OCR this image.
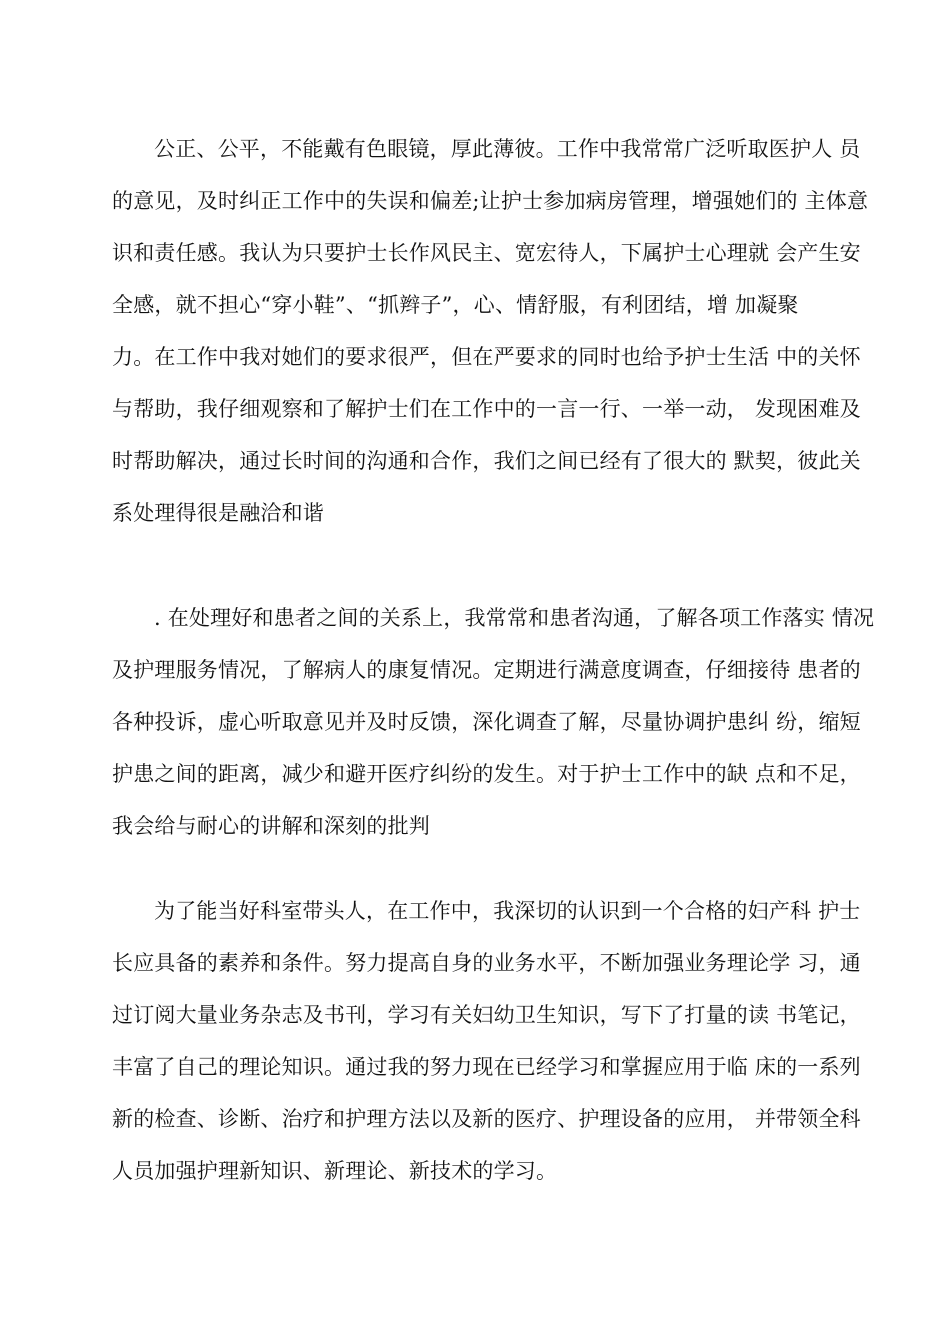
公正、公平，不能戴有色眼镜，厚此薄彼。工作中我常常广泛听取医护人 员
的意见，及时纠正工作中的失误和偏差;让护士参加病房管理，增强她们的 主体意
识和责任感。我认为只要护士长作风民主、宽宏待人，下属护士心理就 会产生安
全感，就不担心“穿小鞋”、“抓辫子”，心、情舒服，有利团结，增 加凝聚
力。在工作中我对她们的要求很严，但在严要求的同时也给予护士生活 中的关怀
与帮助，我仔细观察和了解护士们在工作中的一言一行、一举一动， 发现困难及
时帮助解决，通过长时间的沟通和合作，我们之间已经有了很大的 默契，彼此关
系处理得很是融洽和谐
. 在处理好和患者之间的关系上，我常常和患者沟通，了解各项工作落实 情况
及护理服务情况，了解病人的康复情况。定期进行满意度调查，仔细接待 患者的
各种投诉，虚心听取意见并及时反馈，深化调查了解，尽量协调护患纠 纷，缩短
护患之间的距离，减少和避开医疗纠纷的发生。对于护士工作中的缺 点和不足，
我会给与耐心的讲解和深刻的批判
为了能当好科室带头人，在工作中，我深切的认识到一个合格的妇产科 护士
长应具备的素养和条件。努力提高自身的业务水平，不断加强业务理论学 习，通
过订阅大量业务杂志及书刊，学习有关妇幼卫生知识，写下了打量的读 书笔记，
丰富了自己的理论知识。通过我的努力现在已经学习和掌握应用于临 床的一系列
新的检查、诊断、治疗和护理方法以及新的医疗、护理设备的应用， 并带领全科
人员加强护理新知识、新理论、新技术的学习。
